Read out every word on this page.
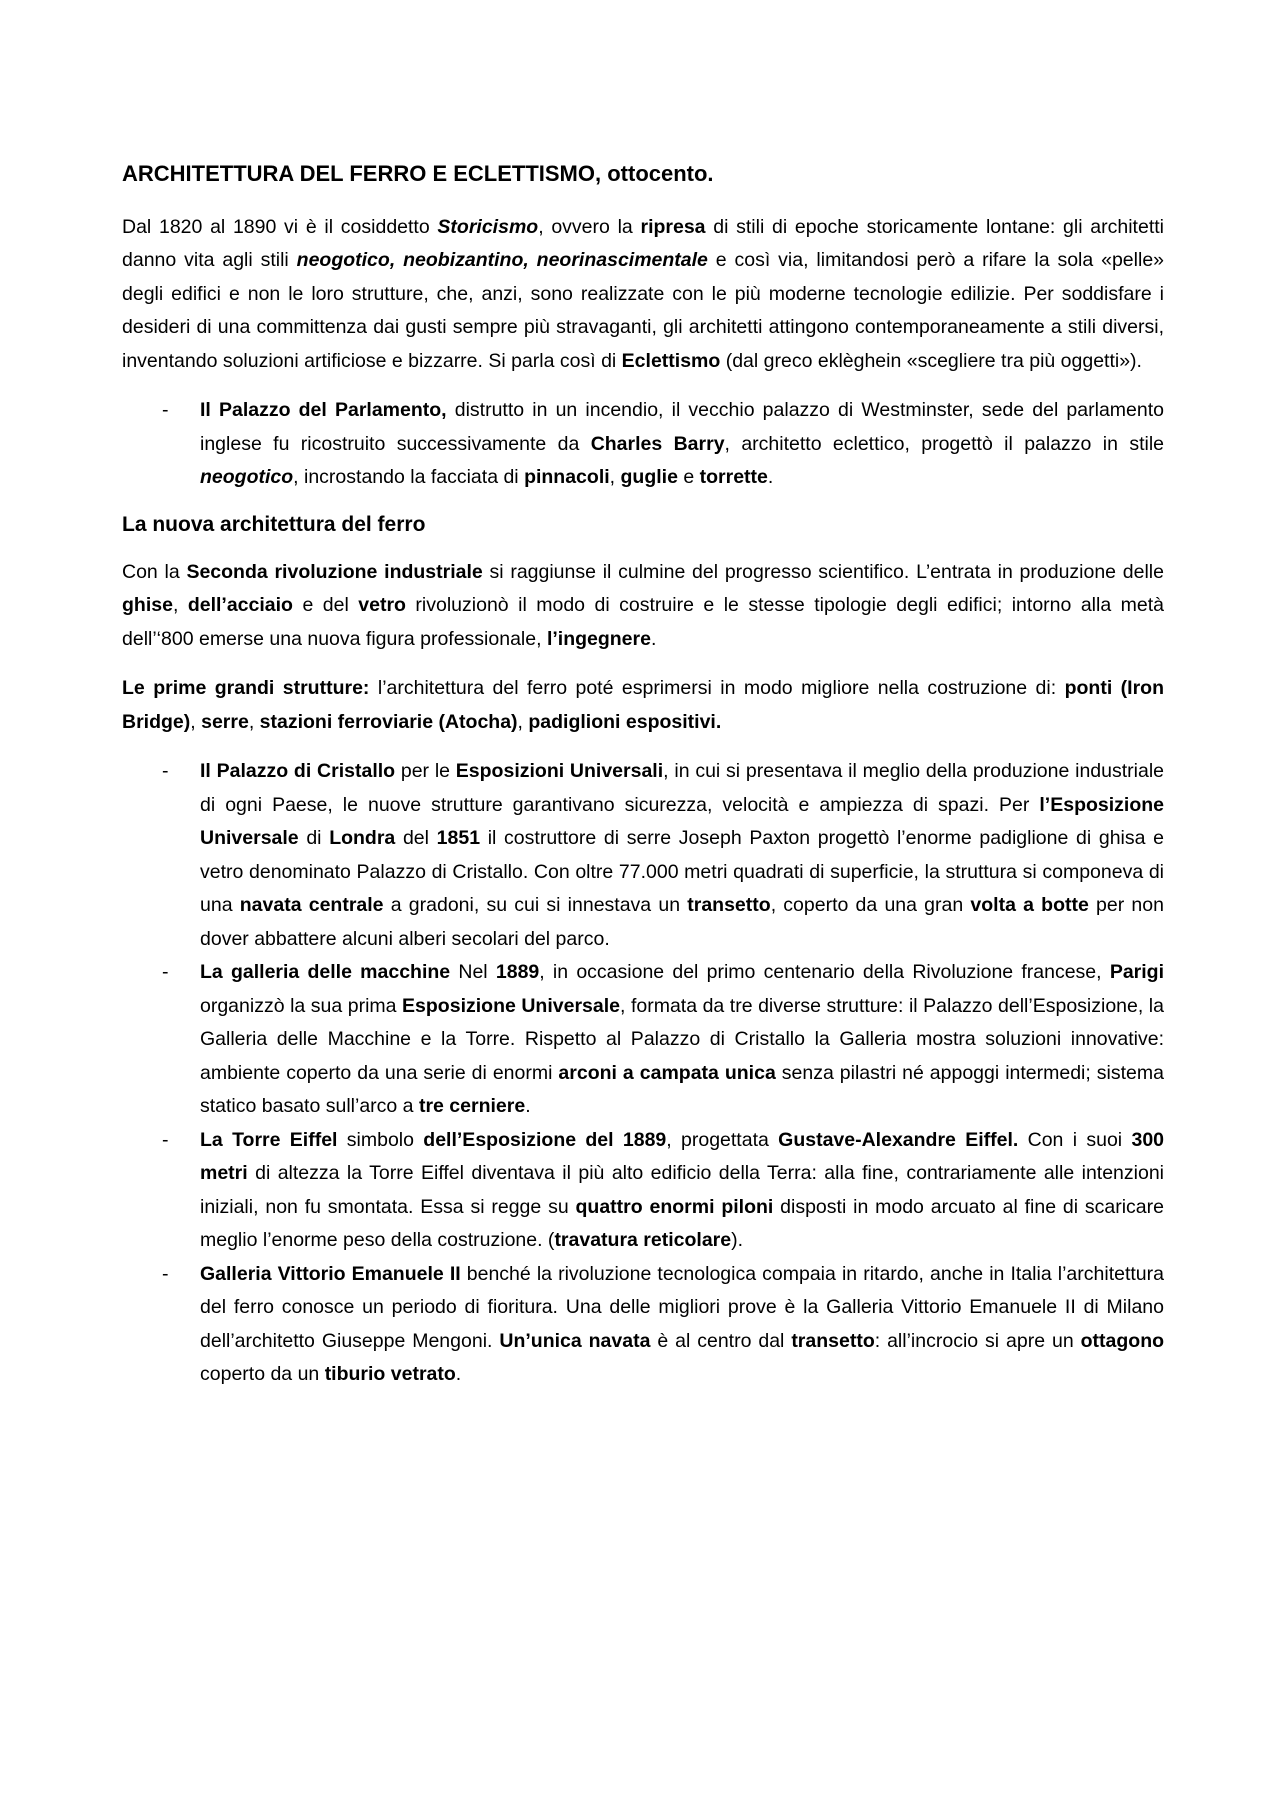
ARCHITETTURA DEL FERRO E ECLETTISMO, ottocento.

Dal 1820 al 1890 vi è il cosiddetto Storicismo, ovvero la ripresa di stili di epoche storicamente lontane: gli architetti danno vita agli stili neogotico, neobizantino, neorinascimentale e così via, limitandosi però a rifare la sola «pelle» degli edifici e non le loro strutture, che, anzi, sono realizzate con le più moderne tecnologie edilizie. Per soddisfare i desideri di una committenza dai gusti sempre più stravaganti, gli architetti attingono contemporaneamente a stili diversi, inventando soluzioni artificiose e bizzarre. Si parla così di Eclettismo (dal greco eklèghein «scegliere tra più oggetti»).

- Il Palazzo del Parlamento, distrutto in un incendio, il vecchio palazzo di Westminster, sede del parlamento inglese fu ricostruito successivamente da Charles Barry, architetto eclettico, progettò il palazzo in stile neogotico, incrostando la facciata di pinnacoli, guglie e torrette.
La nuova architettura del ferro

Con la Seconda rivoluzione industriale si raggiunse il culmine del progresso scientifico. L’entrata in produzione delle ghise, dell’acciaio e del vetro rivoluzionò il modo di costruire e le stesse tipologie degli edifici; intorno alla metà dell’‘800 emerse una nuova figura professionale, l’ingegnere.

Le prime grandi strutture: l’architettura del ferro poté esprimersi in modo migliore nella costruzione di: ponti (Iron Bridge), serre, stazioni ferroviarie (Atocha), padiglioni espositivi.

- Il Palazzo di Cristallo per le Esposizioni Universali, in cui si presentava il meglio della produzione industriale di ogni Paese, le nuove strutture garantivano sicurezza, velocità e ampiezza di spazi. Per l’Esposizione Universale di Londra del 1851 il costruttore di serre Joseph Paxton progettò l’enorme padiglione di ghisa e vetro denominato Palazzo di Cristallo. Con oltre 77.000 metri quadrati di superficie, la struttura si componeva di una navata centrale a gradoni, su cui si innestava un transetto, coperto da una gran volta a botte per non dover abbattere alcuni alberi secolari del parco.
- La galleria delle macchine Nel 1889, in occasione del primo centenario della Rivoluzione francese, Parigi organizzò la sua prima Esposizione Universale, formata da tre diverse strutture: il Palazzo dell’Esposizione, la Galleria delle Macchine e la Torre. Rispetto al Palazzo di Cristallo la Galleria mostra soluzioni innovative: ambiente coperto da una serie di enormi arconi a campata unica senza pilastri né appoggi intermedi; sistema statico basato sull’arco a tre cerniere.
- La Torre Eiffel simbolo dell’Esposizione del 1889, progettata Gustave-Alexandre Eiffel. Con i suoi 300 metri di altezza la Torre Eiffel diventava il più alto edificio della Terra: alla fine, contrariamente alle intenzioni iniziali, non fu smontata. Essa si regge su quattro enormi piloni disposti in modo arcuato al fine di scaricare meglio l’enorme peso della costruzione. (travatura reticolare).
- Galleria Vittorio Emanuele II benché la rivoluzione tecnologica compaia in ritardo, anche in Italia l’architettura del ferro conosce un periodo di fioritura. Una delle migliori prove è la Galleria Vittorio Emanuele II di Milano dell’architetto Giuseppe Mengoni. Un’unica navata è al centro dal transetto: all’incrocio si apre un ottagono coperto da un tiburio vetrato.
